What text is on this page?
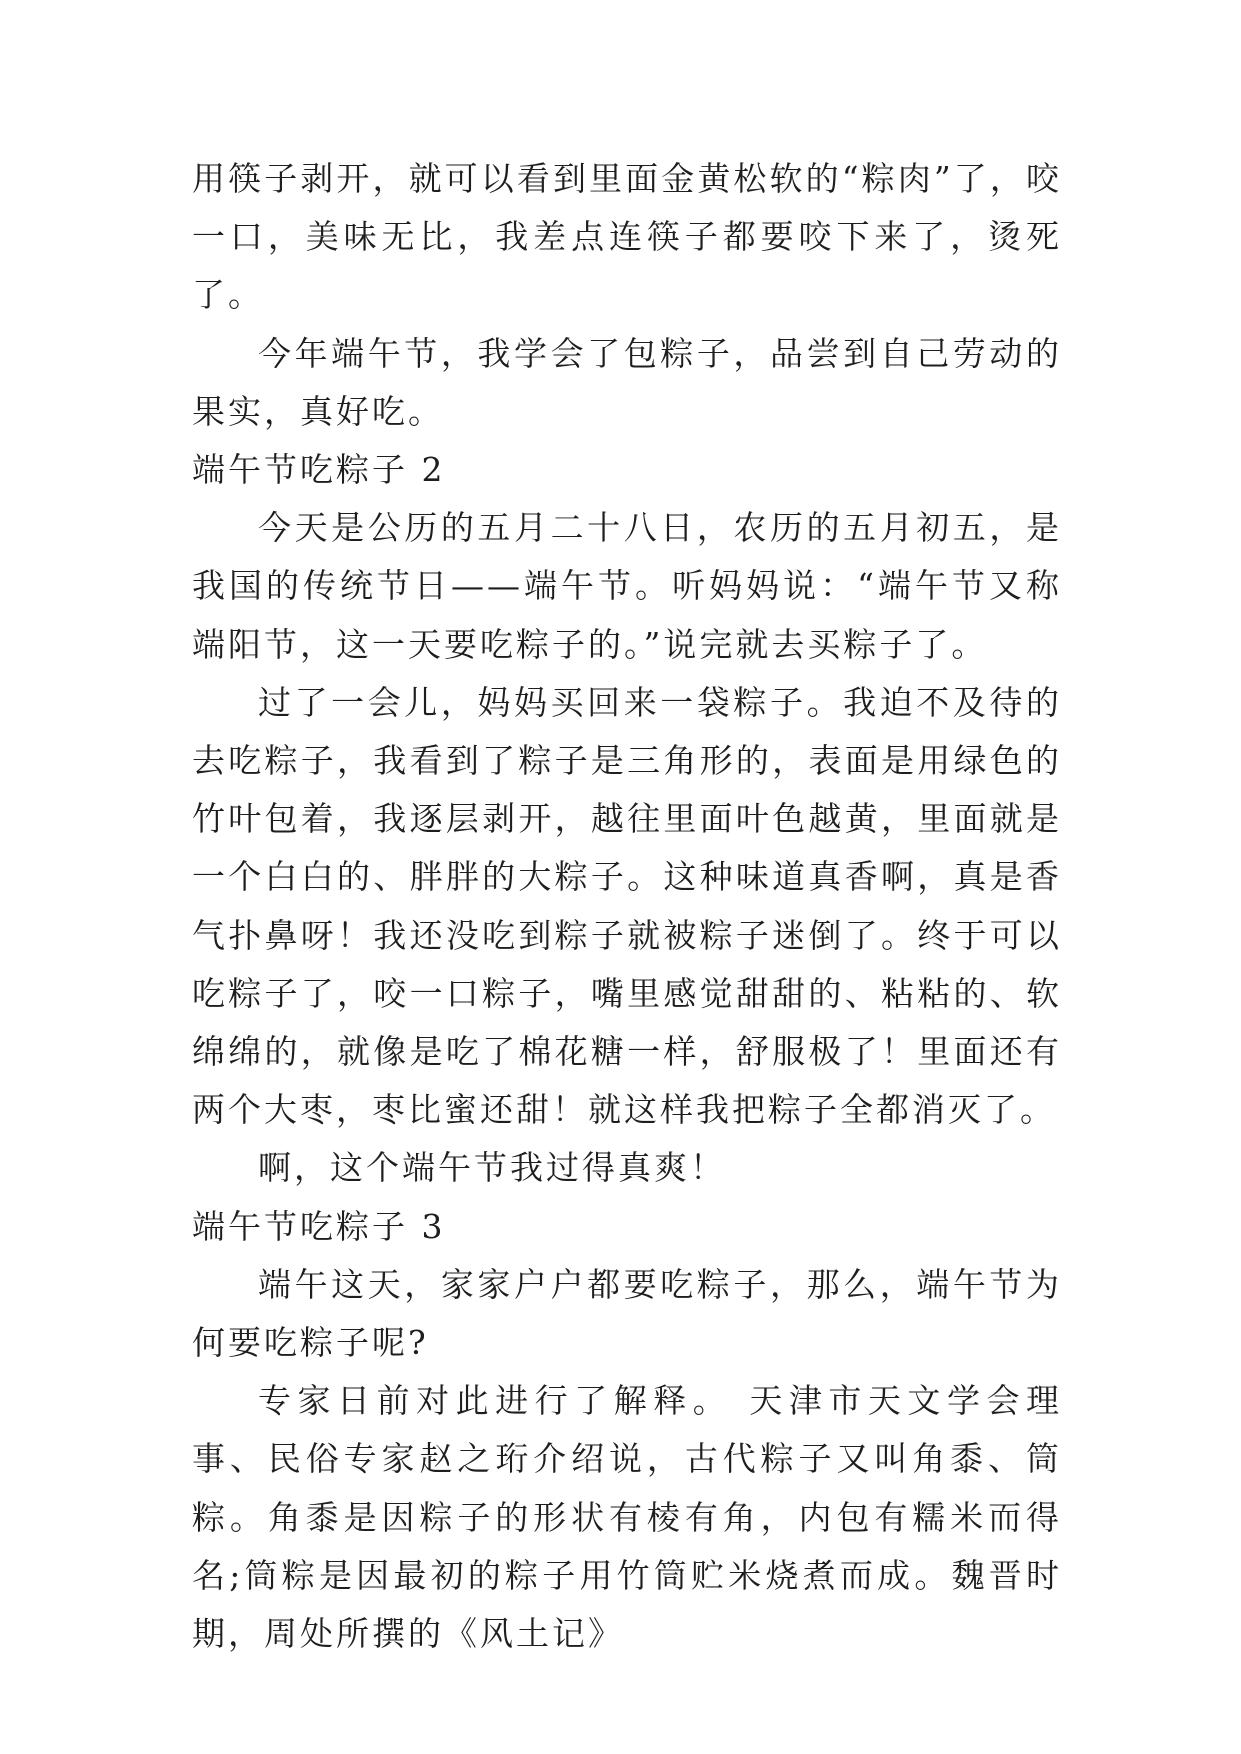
用筷子剥开，就可以看到里面金黄松软的“粽肉”了，咬一口，美味无比，我差点连筷子都要咬下来了，烫死了。

今年端午节，我学会了包粽子，品尝到自己劳动的果实，真好吃。

端午节吃粽子 2

今天是公历的五月二十八日，农历的五月初五，是我国的传统节日——端午节。听妈妈说：“端午节又称端阳节，这一天要吃粽子的。”说完就去买粽子了。

过了一会儿，妈妈买回来一袋粽子。我迫不及待的去吃粽子，我看到了粽子是三角形的，表面是用绿色的竹叶包着，我逐层剥开，越往里面叶色越黄，里面就是一个白白的、胖胖的大粽子。这种味道真香啊，真是香气扑鼻呀！我还没吃到粽子就被粽子迷倒了。终于可以吃粽子了，咬一口粽子，嘴里感觉甜甜的、粘粘的、软绵绵的，就像是吃了棉花糖一样，舒服极了！里面还有两个大枣，枣比蜜还甜！就这样我把粽子全都消灭了。

啊，这个端午节我过得真爽！

端午节吃粽子 3

端午这天，家家户户都要吃粽子，那么，端午节为何要吃粽子呢?

专家日前对此进行了解释。 天津市天文学会理事、民俗专家赵之珩介绍说，古代粽子又叫角黍、筒粽。角黍是因粽子的形状有棱有角，内包有糯米而得名;筒粽是因最初的粽子用竹筒贮米烧煮而成。魏晋时期，周处所撰的《风土记》
